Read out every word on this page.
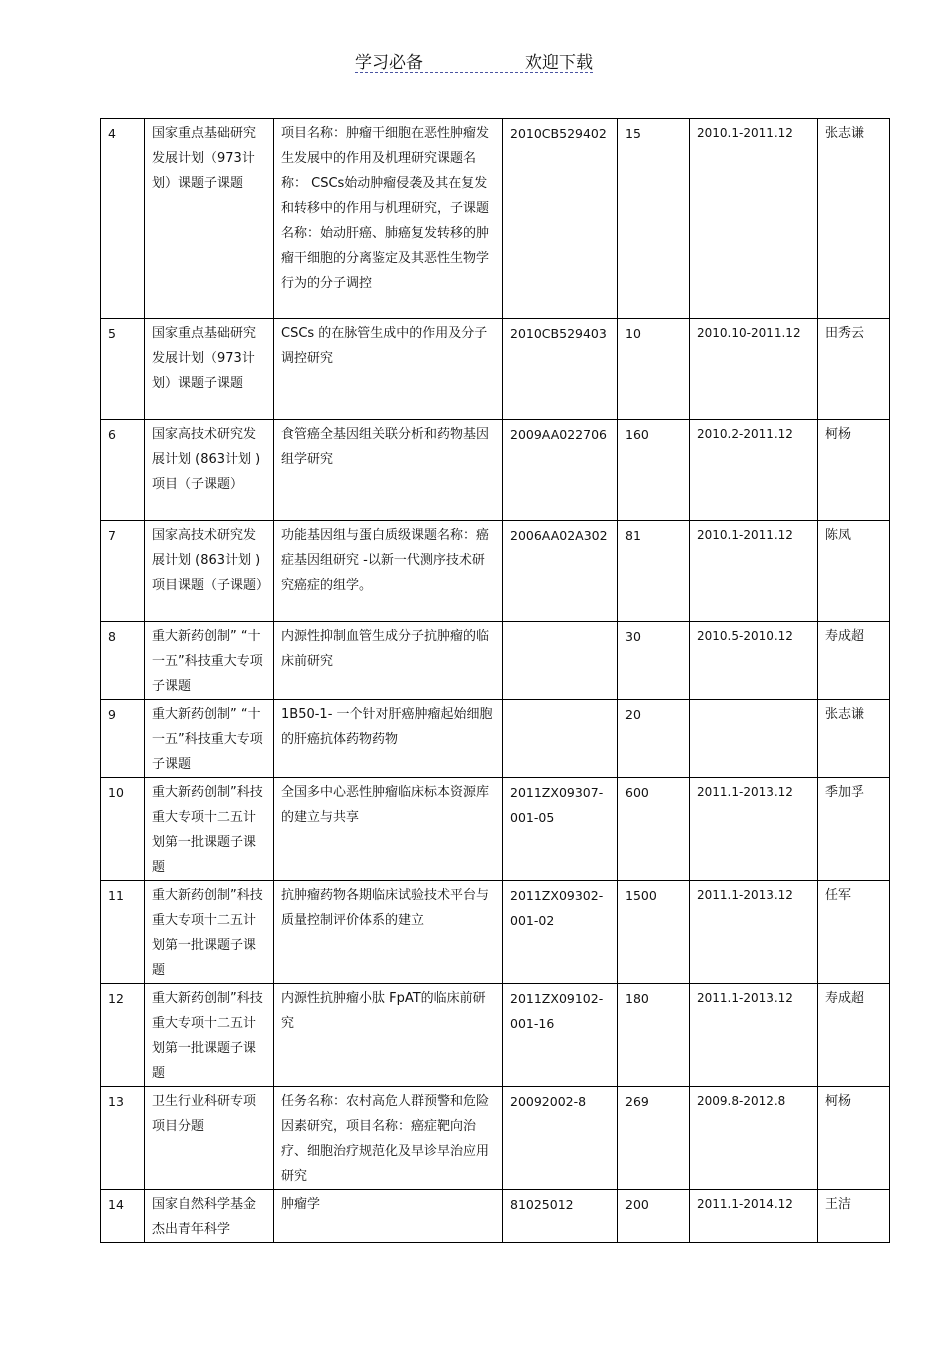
学习必备	欢迎下载
4	国家重点基础研究发展计划（973计划）课题子课题	项目名称：肿瘤干细胞在恶性肿瘤发生发展中的作用及机理研究课题名称： CSCs始动肿瘤侵袭及其在复发和转移中的作用与机理研究，子课题名称：始动肝癌、肺癌复发转移的肿瘤干细胞的分离鉴定及其恶性生物学行为的分子调控	2010CB529402	15	2010.1-2011.12	张志谦
5	国家重点基础研究发展计划（973计划）课题子课题	CSCs 的在脉管生成中的作用及分子调控研究	2010CB529403	10	2010.10-2011.12	田秀云
6	国家高技术研究发展计划 (863计划 ) 项目（子课题）	食管癌全基因组关联分析和药物基因组学研究	2009AA022706	160	2010.2-2011.12	柯杨
7	国家高技术研究发展计划 (863计划 ) 项目课题（子课题）	功能基因组与蛋白质级课题名称：癌症基因组研究 -以新一代测序技术研究癌症的组学。	2006AA02A302	81	2010.1-2011.12	陈凤
8	重大新药创制” “十一五”科技重大专项子课题	内源性抑制血管生成分子抗肿瘤的临床前研究		30	2010.5-2010.12	寿成超
9	重大新药创制” “十一五”科技重大专项子课题	1B50-1- 一个针对肝癌肿瘤起始细胞的肝癌抗体药物药物		20		张志谦
10	重大新药创制”科技重大专项十二五计划第一批课题子课题	全国多中心恶性肿瘤临床标本资源库的建立与共享	2011ZX09307-001-05	600	2011.1-2013.12	季加孚
11	重大新药创制”科技重大专项十二五计划第一批课题子课题	抗肿瘤药物各期临床试验技术平台与质量控制评价体系的建立	2011ZX09302-001-02	1500	2011.1-2013.12	任军
12	重大新药创制”科技重大专项十二五计划第一批课题子课题	内源性抗肿瘤小肽 FpAT的临床前研究	2011ZX09102-001-16	180	2011.1-2013.12	寿成超
13	卫生行业科研专项项目分题	任务名称：农村高危人群预警和危险因素研究，项目名称：癌症靶向治疗、细胞治疗规范化及早诊早治应用研究	20092002-8	269	2009.8-2012.8	柯杨
14	国家自然科学基金杰出青年科学	肿瘤学	81025012	200	2011.1-2014.12	王洁
